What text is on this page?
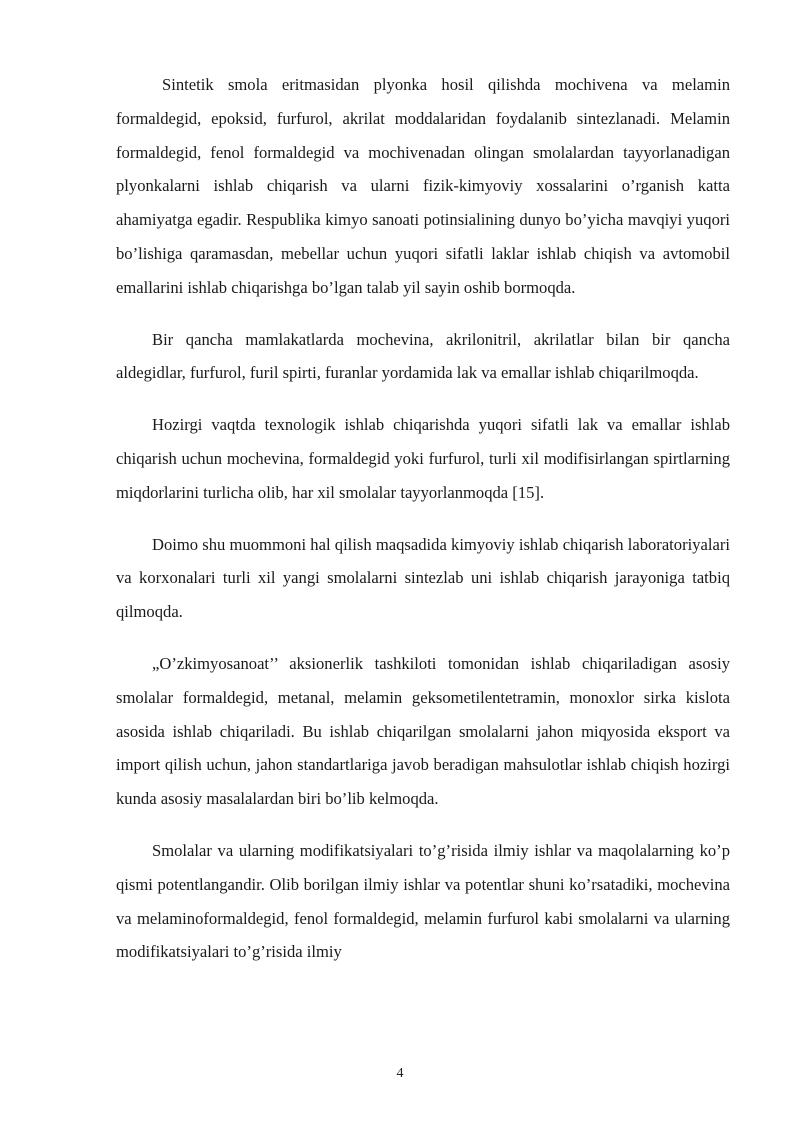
Sintetik smola eritmasidan plyonka hosil qilishda mochivena va melamin formaldegid, epoksid, furfurol, akrilat moddalaridan foydalanib sintezlanadi. Melamin formaldegid, fenol formaldegid va mochivenadan olingan smolalardan tayyorlanadigan plyonkalarni ishlab chiqarish va ularni fizik-kimyoviy xossalarini o’rganish katta ahamiyatga egadir. Respublika kimyo sanoati potinsialining dunyo bo’yicha mavqiyi yuqori bo’lishiga qaramasdan, mebellar uchun yuqori sifatli laklar ishlab chiqish va avtomobil emallarini ishlab chiqarishga bo’lgan talab yil sayin oshib bormoqda.

Bir qancha mamlakatlarda mochevina, akrilonitril, akrilatlar bilan bir qancha aldegidlar, furfurol, furil spirti, furanlar yordamida lak va emallar ishlab chiqarilmoqda.

Hozirgi vaqtda texnologik ishlab chiqarishda yuqori sifatli lak va emallar ishlab chiqarish uchun mochevina, formaldegid yoki furfurol, turli xil modifisirlangan spirtlarning miqdorlarini turlicha olib, har xil smolalar tayyorlanmoqda [15].

Doimo shu muommoni hal qilish maqsadida kimyoviy ishlab chiqarish laboratoriyalari va korxonalari turli xil yangi smolalarni sintezlab uni ishlab chiqarish jarayoniga tatbiq qilmoqda.

„O’zkimyosanoat’’ aksionerlik tashkiloti tomonidan ishlab chiqariladigan asosiy smolalar formaldegid, metanal, melamin geksometilentetramin, monoxlor sirka kislota asosida ishlab chiqariladi. Bu ishlab chiqarilgan smolalarni jahon miqyosida eksport va import qilish uchun, jahon standartlariga javob beradigan mahsulotlar ishlab chiqish hozirgi kunda asosiy masalalardan biri bo’lib kelmoqda.

Smolalar va ularning modifikatsiyalari to’g’risida ilmiy ishlar va maqolalarning ko’p qismi potentlangandir. Olib borilgan ilmiy ishlar va potentlar shuni ko’rsatadiki, mochevina va melaminoformaldegid, fenol formaldegid, melamin furfurol kabi smolalarni va ularning modifikatsiyalari to’g’risida ilmiy

4
